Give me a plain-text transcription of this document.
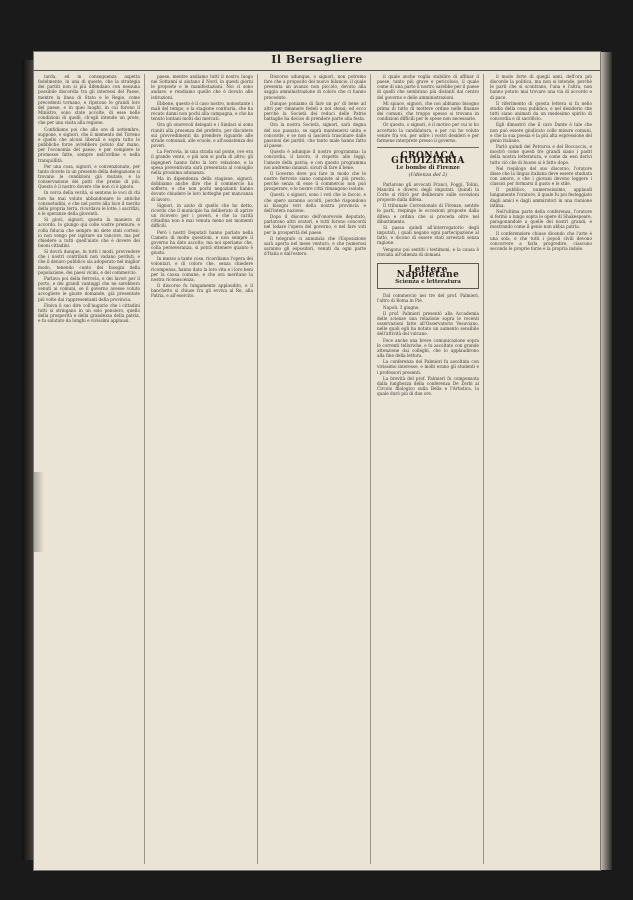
Il Bersagliere

tarda, ed in conseguenza aspetta fedelmente, in una di queste, che la strategia dei partiti non si piú difendano con nessuna possibile discordia tra gli interessi del Paese, mentre la linea di Stato e le Regie, come precedenti tornano, e ripetono le grandi loro del paese, e in quei luoghi, in cui furono il Ministro, sono state accolte, di esse nelle condizioni di quelli, ch'egli intende un prete, che per una visita alla regione.

Confidiamo poi che alle ore di settembre, suppone, e signori, che il memento del Tirreno e quello che alcuni liberali e sopra tutto le pubbliche forze avrebbero potuto dar mano, per l'economia del paese, e per compiere le promesse fatte, sempre nell'ordine e nella tranquillità.

Per una cosa, signori, e convenzionate, per tanto dovete in un presente della delegazione si trovano le condizioni già mutate, e la conservazione dei patti che preme di più. Questo è il nostro dovere che non ci è ignoto.

In cerca della verità, si sentono le voci di chi non ha mai voluto abbandonare le antiche consuetudini, e che nel porre alla luce il merito della propria terra, ricordava le lotte, i sacrifizi, e le speranze della gioventù.

Si giovi, signori, questa la maniera di accordo. Io giungo qui colle vostre premure, e colla fiducia che sempre mi siete stati cortesi; io non vengo per ispirare un rancore, ma per chiedere a tutti quell'aiuto che è dovere dei buoni cittadini.

Si dovrà dunque, in tutti i modi, provvedere che i nostri contributi non vadano perduti, e che il denaro pubblico sia adoperato nel miglior modo, tenendo conto dei bisogni della popolazione, dei paesi vicini, e del commercio.

Parlava poi della ferrovia, e dei lavori per il porto, e dei grandi vantaggi che ne sarebbero venuti ai comuni, se il governo avesse voluto accogliere le giuste domande, già presentate piú volte dai rappresentanti della provincia.

Finiva il suo dire coll'augurio che i cittadini tutti si stringano in un solo pensiero, quello della prosperità e della grandezza della patria, e fu salutato da lunghi e vivissimi applausi.

paese, mentre andiamo tutti il nostro luogo nei Sottanni si aiutano il Nord, in questi giorni le proposte e le manifestazioni. Noi ci sono andare, e rendiamo quello che è dovuto alle istituzioni.

Ebbene, questo è il caso nostro, nonostante i mali del tempo, e la stagione contraria, che ha recato danni non pochi alla campagna, e che ha tenuto lontani molti dai mercati.

Ora gli onorevoli delegati e i Sindaci si sono riuniti alla presenza del prefetto, per discutere sui provvedimenti da prendere riguardo alle strade comunali, alle scuole, e all'assistenza dei poveri.

La Ferrovia, in una strada sul ponte, ove era il grande vento, e più non si parla di altro; gli ingegneri hanno fatto la loro relazione, e la spesa preventivata sarà presentata al consiglio nella prossima adunanza.

Ma in dipendenza della stagione, signori, dobbiamo anche dire che il commercio ha sofferto, e che non pochi negozianti hanno dovuto chiudere le loro botteghe per mancanza di lavoro.

Signori, in aiuto di quello che ho detto, ricordo che il municipio ha deliberato di aprire un ricovero per i poveri, e che la carità cittadina non è mai venuta meno nei momenti difficili.

Però i nostri Deputati hanno parlato nella Camera di molte questioni, e non sempre il governo ha dato ascolto; ma noi speriamo che, colla perseveranza, si potrà ottenere quanto è giusto.

In mezzo a tante cose, ricordiamo l'opera dei volontari, e di coloro che, senza chiedere ricompensa, hanno dato la loro vita e i loro beni per la causa comune, e che ora meritano la nostra riconoscenza.

Il discorso fu lungamente applaudito, e il banchetto si chiuse fra gli evviva al Re, alla Patria, e all'esercito.

Discorso adunque, o signori, non potremo fare che a proposito del nuovo bilancio, il quale presenta un avanzo non piccolo, dovuto alla saggia amministrazione di coloro che ci hanno preceduto.

Dunque poniamo di fare un po' di bene ad altri per rimanere fedeli a noi stessi; ed ecco perchè la Società dei reduci delle Patrie battaglie ha deciso di prendere parte alla festa.

Ora la nostra Società, signori, sarà degna del suo passato, se saprà mantenersi unita e concorde, e se non si lascierà trascinare dalle passioni dei partiti, che tanto male hanno fatto al paese.

Questo è adunque il nostro programma: la concordia, il lavoro, il rispetto alle leggi, l'amore della patria; e con questo programma noi andremo innanzi, sicuri di fare il bene.

Il Governo deve poi fare in modo che le nostre ferrovie siano compiute al piú presto, perchè senza di esse il commercio non può prosperare, e le nostre città rimangono isolate.

Questi, o signori, sono i voti che io faccio, e che spero saranno accolti, perchè rispondono ai bisogni veri della nostra provincia e dell'intera nazione.

Dopo il discorso dell'onorevole deputato, parlarono altri oratori, e tutti furono concordi nel lodare l'opera del governo, e nel fare voti per la prosperità del paese.

Il telegrafo ci annunzia che l'Esposizione sarà aperta nel mese venturo, e che numerosi saranno gli espositori, venuti da ogni parte d'Italia e dall'estero.

il quale anche voglia stabilire di affinar il paese, tanto più grave e pericoloso, il quale come di una parte il nostro sarebbe per il paese di quelli che sembrano più distanti dal centro del governo e delle amministrazioni.

Mi spiace, signori, che noi abbiamo bisogno prima di tutto di mettere ordine nelle finanze dei comuni, che troppo spesso si trovano in condizioni difficili per le spese non necessarie.

Or questo, o signori, è il motivo per cui io ho accettato la candidatura, e per cui ho voluto venire fra voi, per udire i vostri desideri e per farmene interprete presso il governo.

CRONACA GIUDIZIARIA
Le bombe di Firenze
(Udienza del 2)

Parlarono gli avvocati Franci, Foggi, Tolini, Mancini e diversi degli imputati. Quindi la Corte si ritirò per deliberare sulle eccezioni proposte dalla difesa.

Il tribunale Correzionale di Firenze, sentite le parti, respinge le eccezioni proposte dalla difesa e ordina che si proceda oltre nel dibattimento.

Si passa quindi all'interrogatorio degli imputati, i quali negano ogni partecipazione al fatto, e dicono di essere stati arrestati senza ragione.

Vengono poi sentiti i testimoni, e la causa è rinviata all'udienza di domani.

Lettere Napoletane
Scienza e letteratura

Dal commercio nei tre del prof. Palmieri, l'altro di Roma in Piè.

Napoli, 3 giugno.

Il prof. Palmieri presentò alla Accademia delle scienze una relazione sopra le recenti osservazioni fatte all'Osservatorio Vesuviano, nelle quali egli ha notato un aumento sensibile dell'attività del vulcano.

Fece anche una breve comunicazione sopra le correnti telluriche, e fu ascoltato con grande attenzione dai colleghi, che lo applaudirono alla fine della lettura.

La conferenza del Palmieri fu ascoltata con vivissimo interesse, e molti erano gli studenti e i professori presenti.

La brevità del prof. Palmieri fu compensata dalla lunghezza della conferenza De Zerbi al Circolo filologico sulla Bella e l'Artistica, la quale durò più di due ore.

il modo forte di quegli anni, dell'ora più discorde la politica, ma non si intende, perchè le parti che si scontrano, l'una e l'altra, non hanno potuto mai trovare una via di accordo e di pace.

Il riferimento di questa lettera si fa nello studio della cosa pubblica, e nel desiderio che tutti siano animati da un medesimo spirito di concordia e di sacrificio.

Egli dimostrò che il caro Dante è tale che non può essere giudicato colle misure comuni, e che la sua poesia è la più alta espressione del genio italiano.

Parlò quindi del Petrarca e del Boccaccio, e mostrò come questi tre grandi siano i padri della nostra letteratura, e come da essi derivi tutto ciò che di buono si è fatto dopo.

Nel riepilogo del suo discorso, l'oratore disse che la lingua italiana deve essere studiata con amore, e che i giovani devono leggere i classici per formarsi il gusto e lo stile.

Il pubblico, numerosissimo, applaudì lungamente l'oratore, il quale fu poi festeggiato dagli amici e dagli ammiratori in una riunione intima.

Nell'ultima parte della conferenza, l'oratore si fermò a lungo sopra le opere di Shakespeare, paragonandole a quelle dei nostri grandi, e mostrando come il genio non abbia patria.

Il conferenziere chiuse dicendo che l'arte è una sola, e che tutti i popoli civili devono concorrere a farla progredire, ciascuno secondo le proprie forze e la propria indole.
